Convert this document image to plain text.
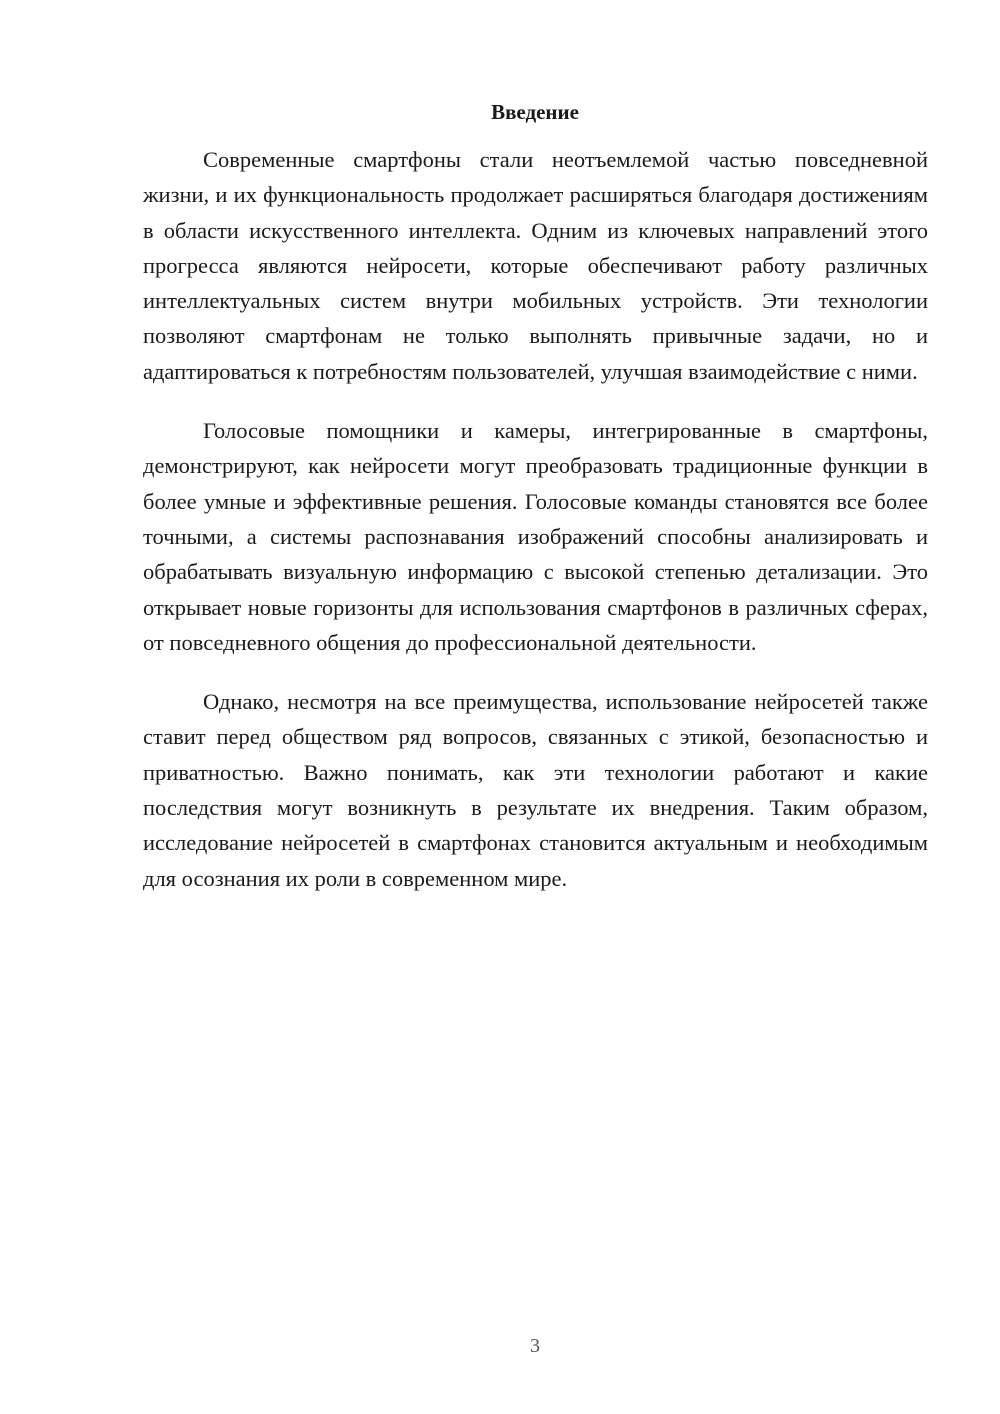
Введение

Современные смартфоны стали неотъемлемой частью повседневной жизни, и их функциональность продолжает расширяться благодаря достижениям в области искусственного интеллекта. Одним из ключевых направлений этого прогресса являются нейросети, которые обеспечивают работу различных интеллектуальных систем внутри мобильных устройств. Эти технологии позволяют смартфонам не только выполнять привычные задачи, но и адаптироваться к потребностям пользователей, улучшая взаимодействие с ними.

Голосовые помощники и камеры, интегрированные в смартфоны, демонстрируют, как нейросети могут преобразовать традиционные функции в более умные и эффективные решения. Голосовые команды становятся все более точными, а системы распознавания изображений способны анализировать и обрабатывать визуальную информацию с высокой степенью детализации. Это открывает новые горизонты для использования смартфонов в различных сферах, от повседневного общения до профессиональной деятельности.

Однако, несмотря на все преимущества, использование нейросетей также ставит перед обществом ряд вопросов, связанных с этикой, безопасностью и приватностью. Важно понимать, как эти технологии работают и какие последствия могут возникнуть в результате их внедрения. Таким образом, исследование нейросетей в смартфонах становится актуальным и необходимым для осознания их роли в современном мире.

3
